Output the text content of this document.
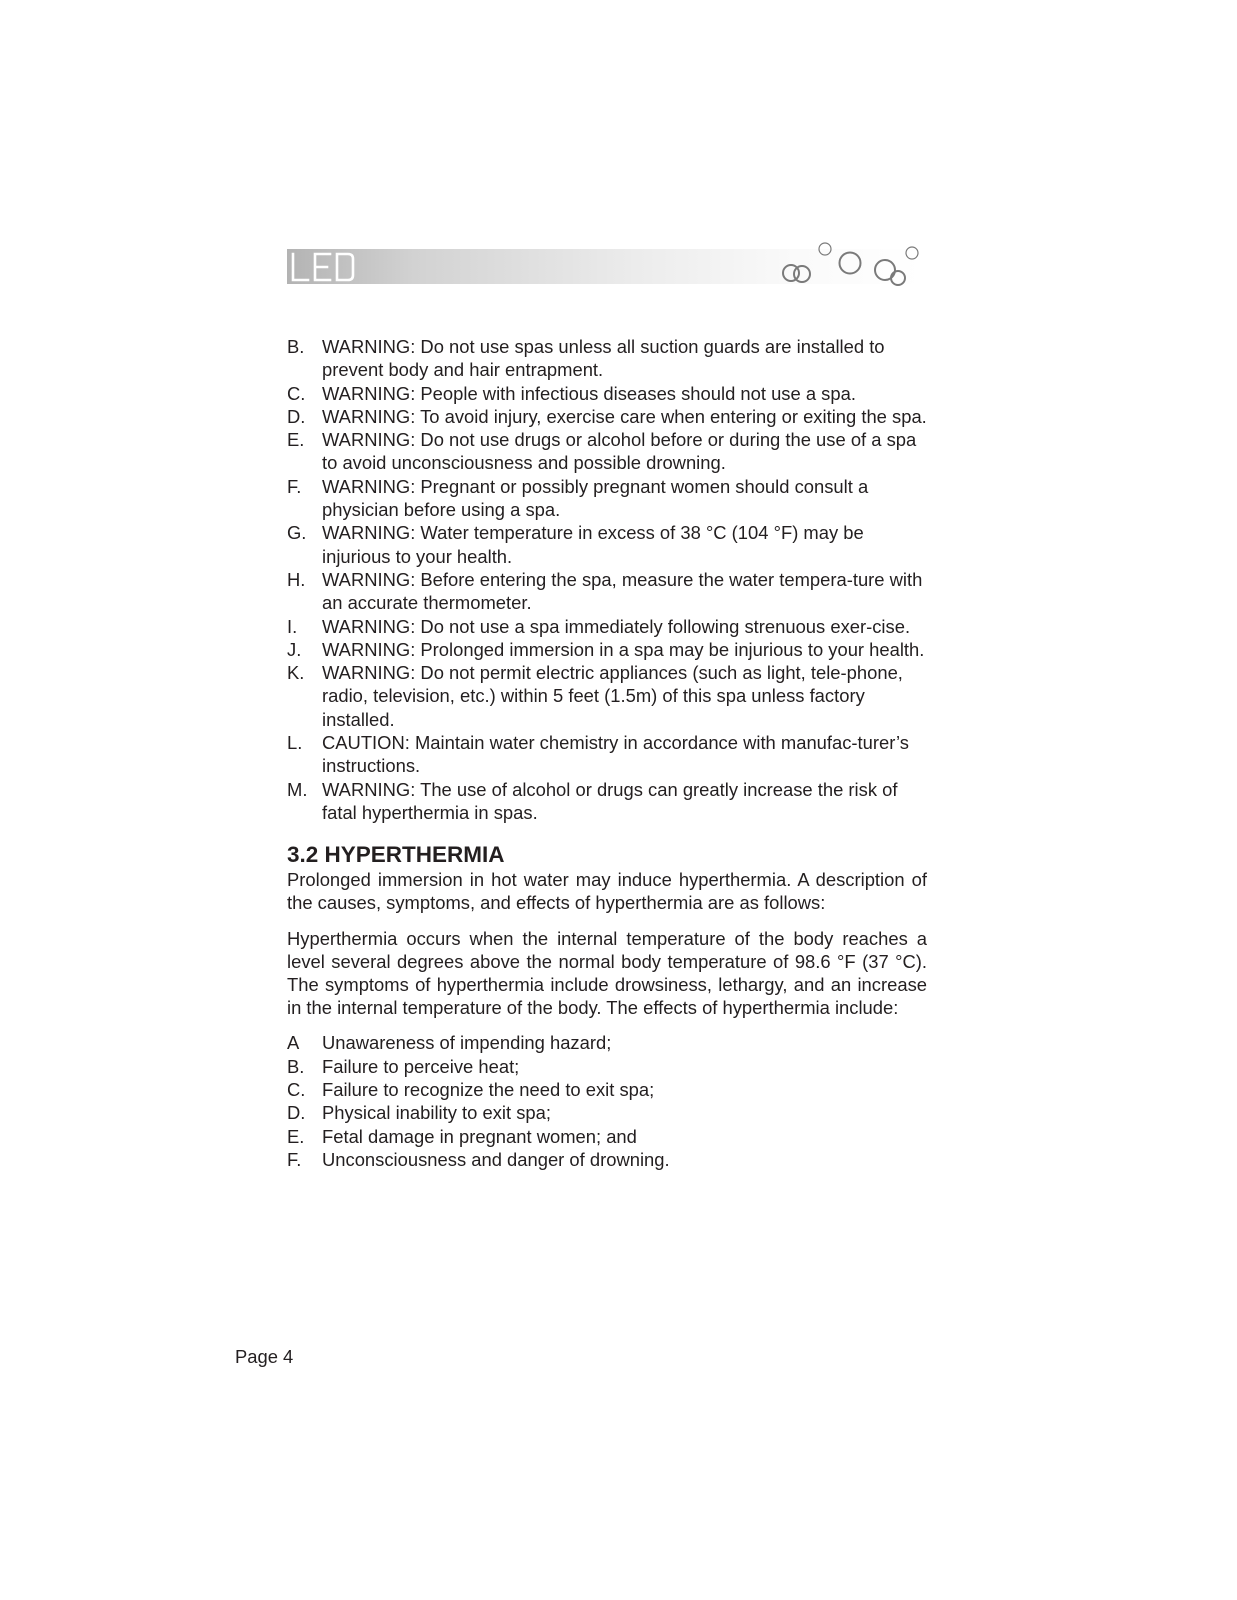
B. WARNING: Do not use spas unless all suction guards are installed to prevent body and hair entrapment.
C. WARNING: People with infectious diseases should not use a spa.
D. WARNING: To avoid injury, exercise care when entering or exiting the spa.
E. WARNING: Do not use drugs or alcohol before or during the use of a spa to avoid unconsciousness and possible drowning.
F. WARNING: Pregnant or possibly pregnant women should consult a physician before using a spa.
G. WARNING: Water temperature in excess of 38 °C (104 °F) may be injurious to your health.
H. WARNING: Before entering the spa, measure the water tempera-ture with an accurate thermometer.
I. WARNING: Do not use a spa immediately following strenuous exer-cise.
J. WARNING: Prolonged immersion in a spa may be injurious to your health.
K. WARNING: Do not permit electric appliances (such as light, tele-phone, radio, television, etc.) within 5 feet (1.5m) of this spa unless factory installed.
L. CAUTION: Maintain water chemistry in accordance with manufac-turer’s instructions.
M. WARNING: The use of alcohol or drugs can greatly increase the risk of fatal hyperthermia in spas.
3.2 HYPERTHERMIA

Prolonged immersion in hot water may induce hyperthermia. A description of the causes, symptoms, and effects of hyperthermia are as follows:

Hyperthermia occurs when the internal temperature of the body reaches a level several degrees above the normal body temperature of 98.6 °F (37 °C). The symptoms of hyperthermia include drowsiness, lethargy, and an increase in the internal temperature of the body. The effects of hyperthermia include:

A Unawareness of impending hazard;
B. Failure to perceive heat;
C. Failure to recognize the need to exit spa;
D. Physical inability to exit spa;
E. Fetal damage in pregnant women; and
F. Unconsciousness and danger of drowning.
Page 4
